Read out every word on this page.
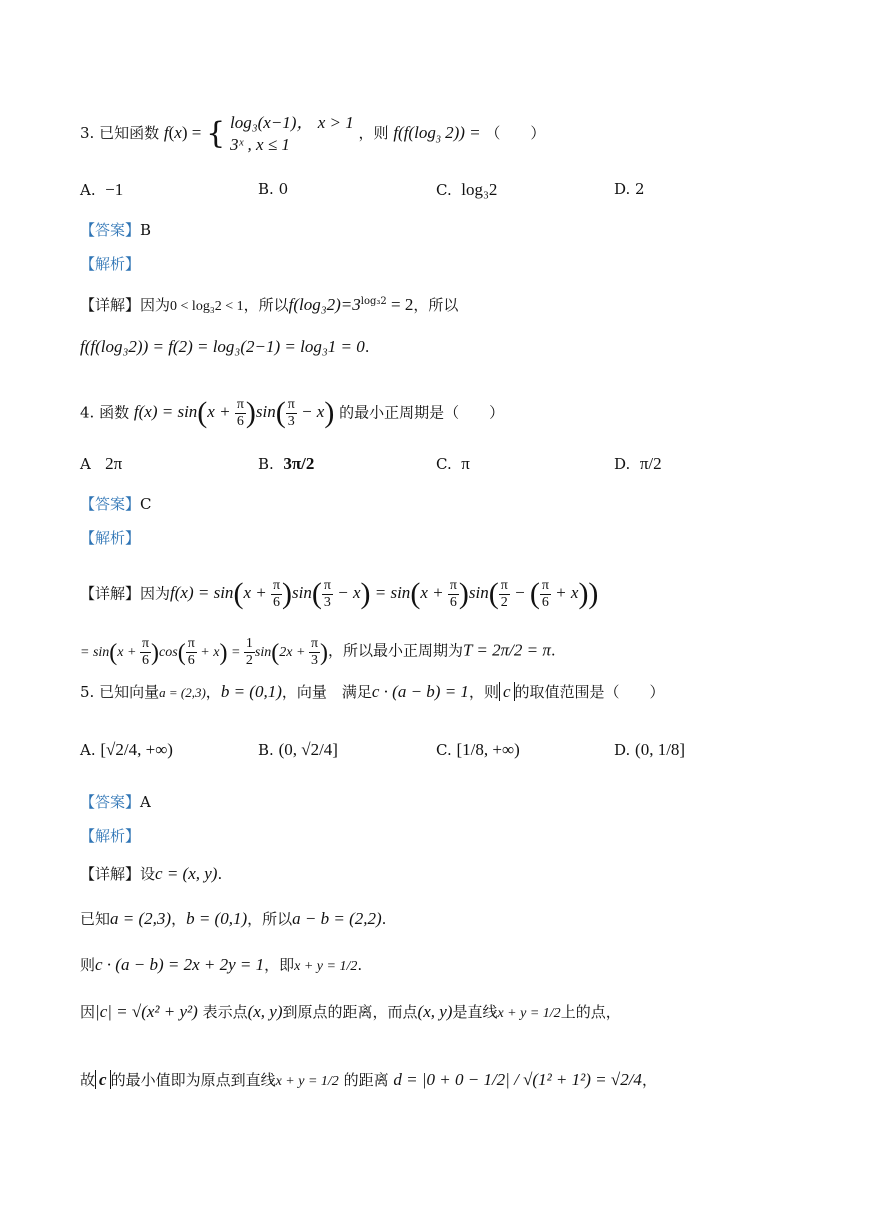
3. 已知函数 f(x) = { log₃(x−1)， x > 1
3ˣ , x ≤ 1
，则 $f(f(\log_3$ 2)) = （　　）
A. −1	B. 0	C. log₃2	D. 2
【答案】B
【解析】
【详解】因为0 < log₃2 < 1，所以$f(\log_32)=3^{log_32} = 2$，所以
f(f(log₃2)) = f(2) = log₃(2−1) = log₃1 = 0.
4. 函数 $f(x) = \sin(x + \frac{\pi}{6} )\sin( \frac{\pi}{3} - x)$ 的最小正周期是（　　）
A 2π	B. 3π/2	C. π	D. π/2
【答案】C
【解析】
【详解】因为$f(x) = \sin(x + \frac{\pi}{6} )\sin( \frac{\pi}{3} - x) = \sin(x + \frac{\pi}{6} )\sin( \frac{\pi}{2}$ − ( $\frac{\pi}{6} + x$))
= $\sin(x + \frac{\pi}{6} )\cos( \frac{\pi}{6} + x) = \frac{1}{2} \sin(2x + \frac{\pi}{3}$ )，所以最小正周期为T = 2π/2 = π.
5. 已知向量a = (2,3)，b = (0,1)，向量　满足c · (a − b) = 1，则 c 的取值范围是（　　）
A. [√2/4, +∞)	B. (0, √2/4]	C. [1/8, +∞)	D. (0, 1/8]
【答案】A
【解析】
【详解】设c = (x, y).
已知a = (2,3)，b = (0,1)，所以a − b = (2,2).
则c · (a − b) = 2x + 2y = 1，即x + y = 1/2.
因|c| = √(x² + y²) 表示点(x, y)到原点的距离，而点(x, y)是直线x + y = 1/2上的点，
故 c 的最小值即为原点到直线x + y = 1/2 的距离 d = |0 + 0 − 1/2| / √(1² + 1²) = √2/4，
